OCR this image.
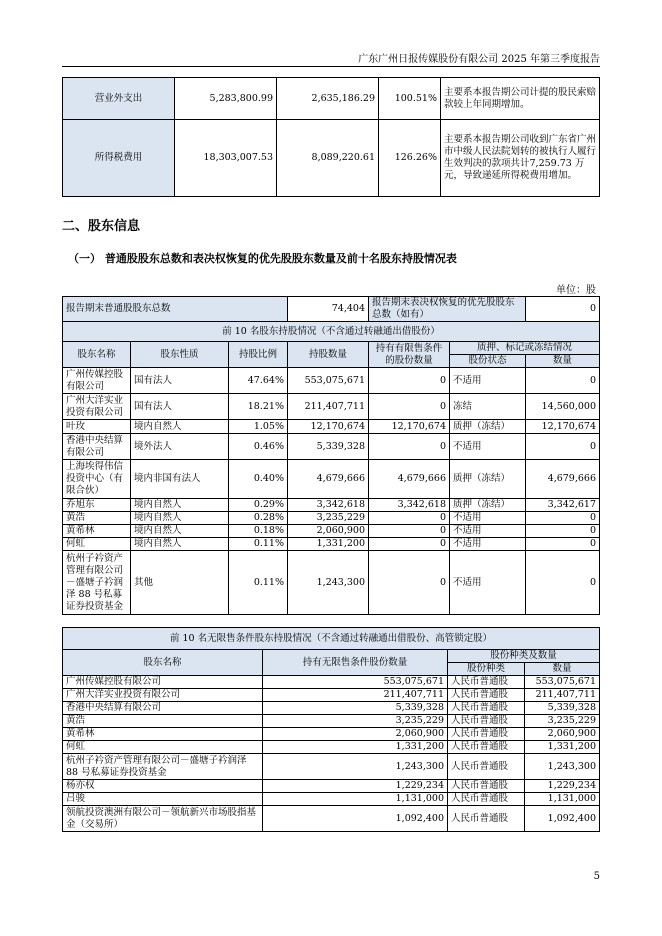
广东广州日报传媒股份有限公司 2025 年第三季度报告
营业外支出	5,283,800.99	2,635,186.29	100.51%	主要系本报告期公司计提的股民索赔款较上年同期增加。
所得税费用	18,303,007.53	8,089,220.61	126.26%	主要系本报告期公司收到广东省广州市中级人民法院划转的被执行人履行生效判决的款项共计7,259.73 万元，导致递延所得税费用增加。
二、股东信息
（一） 普通股股东总数和表决权恢复的优先股股东数量及前十名股东持股情况表
单位：股
报告期末普通股股东总数			74,404	报告期末表决权恢复的优先股股东总数（如有）		0
前 10 名股东持股情况（不含通过转融通出借股份）						
股东名称	股东性质	持股比例	持股数量	持有有限售条件的股份数量	质押、标记或冻结情况	
					股份状态	数量
广州传媒控股有限公司	国有法人	47.64%	553,075,671	0	不适用	0
广州大洋实业投资有限公司	国有法人	18.21%	211,407,711	0	冻结	14,560,000
叶玫	境内自然人	1.05%	12,170,674	12,170,674	质押（冻结）	12,170,674
香港中央结算有限公司	境外法人	0.46%	5,339,328	0	不适用	0
上海埃得伟信投资中心（有限合伙）	境内非国有法人	0.40%	4,679,666	4,679,666	质押（冻结）	4,679,666
乔旭东	境内自然人	0.29%	3,342,618	3,342,618	质押（冻结）	3,342,617
黄浩	境内自然人	0.28%	3,235,229	0	不适用	0
黄希林	境内自然人	0.18%	2,060,900	0	不适用	0
何虹	境内自然人	0.11%	1,331,200	0	不适用	0
杭州子衿资产管理有限公司－盛塘子衿润泽 88 号私募证券投资基金	其他	0.11%	1,243,300	0	不适用	0
前 10 名无限售条件股东持股情况（不含通过转融通出借股份、高管锁定股）			
股东名称	持有无限售条件股份数量	股份种类及数量	
		股份种类	数量
广州传媒控股有限公司	553,075,671	人民币普通股	553,075,671
广州大洋实业投资有限公司	211,407,711	人民币普通股	211,407,711
香港中央结算有限公司	5,339,328	人民币普通股	5,339,328
黄浩	3,235,229	人民币普通股	3,235,229
黄希林	2,060,900	人民币普通股	2,060,900
何虹	1,331,200	人民币普通股	1,331,200
杭州子衿资产管理有限公司－盛塘子衿润泽 88 号私募证券投资基金	1,243,300	人民币普通股	1,243,300
杨亦权	1,229,234	人民币普通股	1,229,234
吕骏	1,131,000	人民币普通股	1,131,000
领航投资澳洲有限公司－领航新兴市场股指基金（交易所）	1,092,400	人民币普通股	1,092,400
5
